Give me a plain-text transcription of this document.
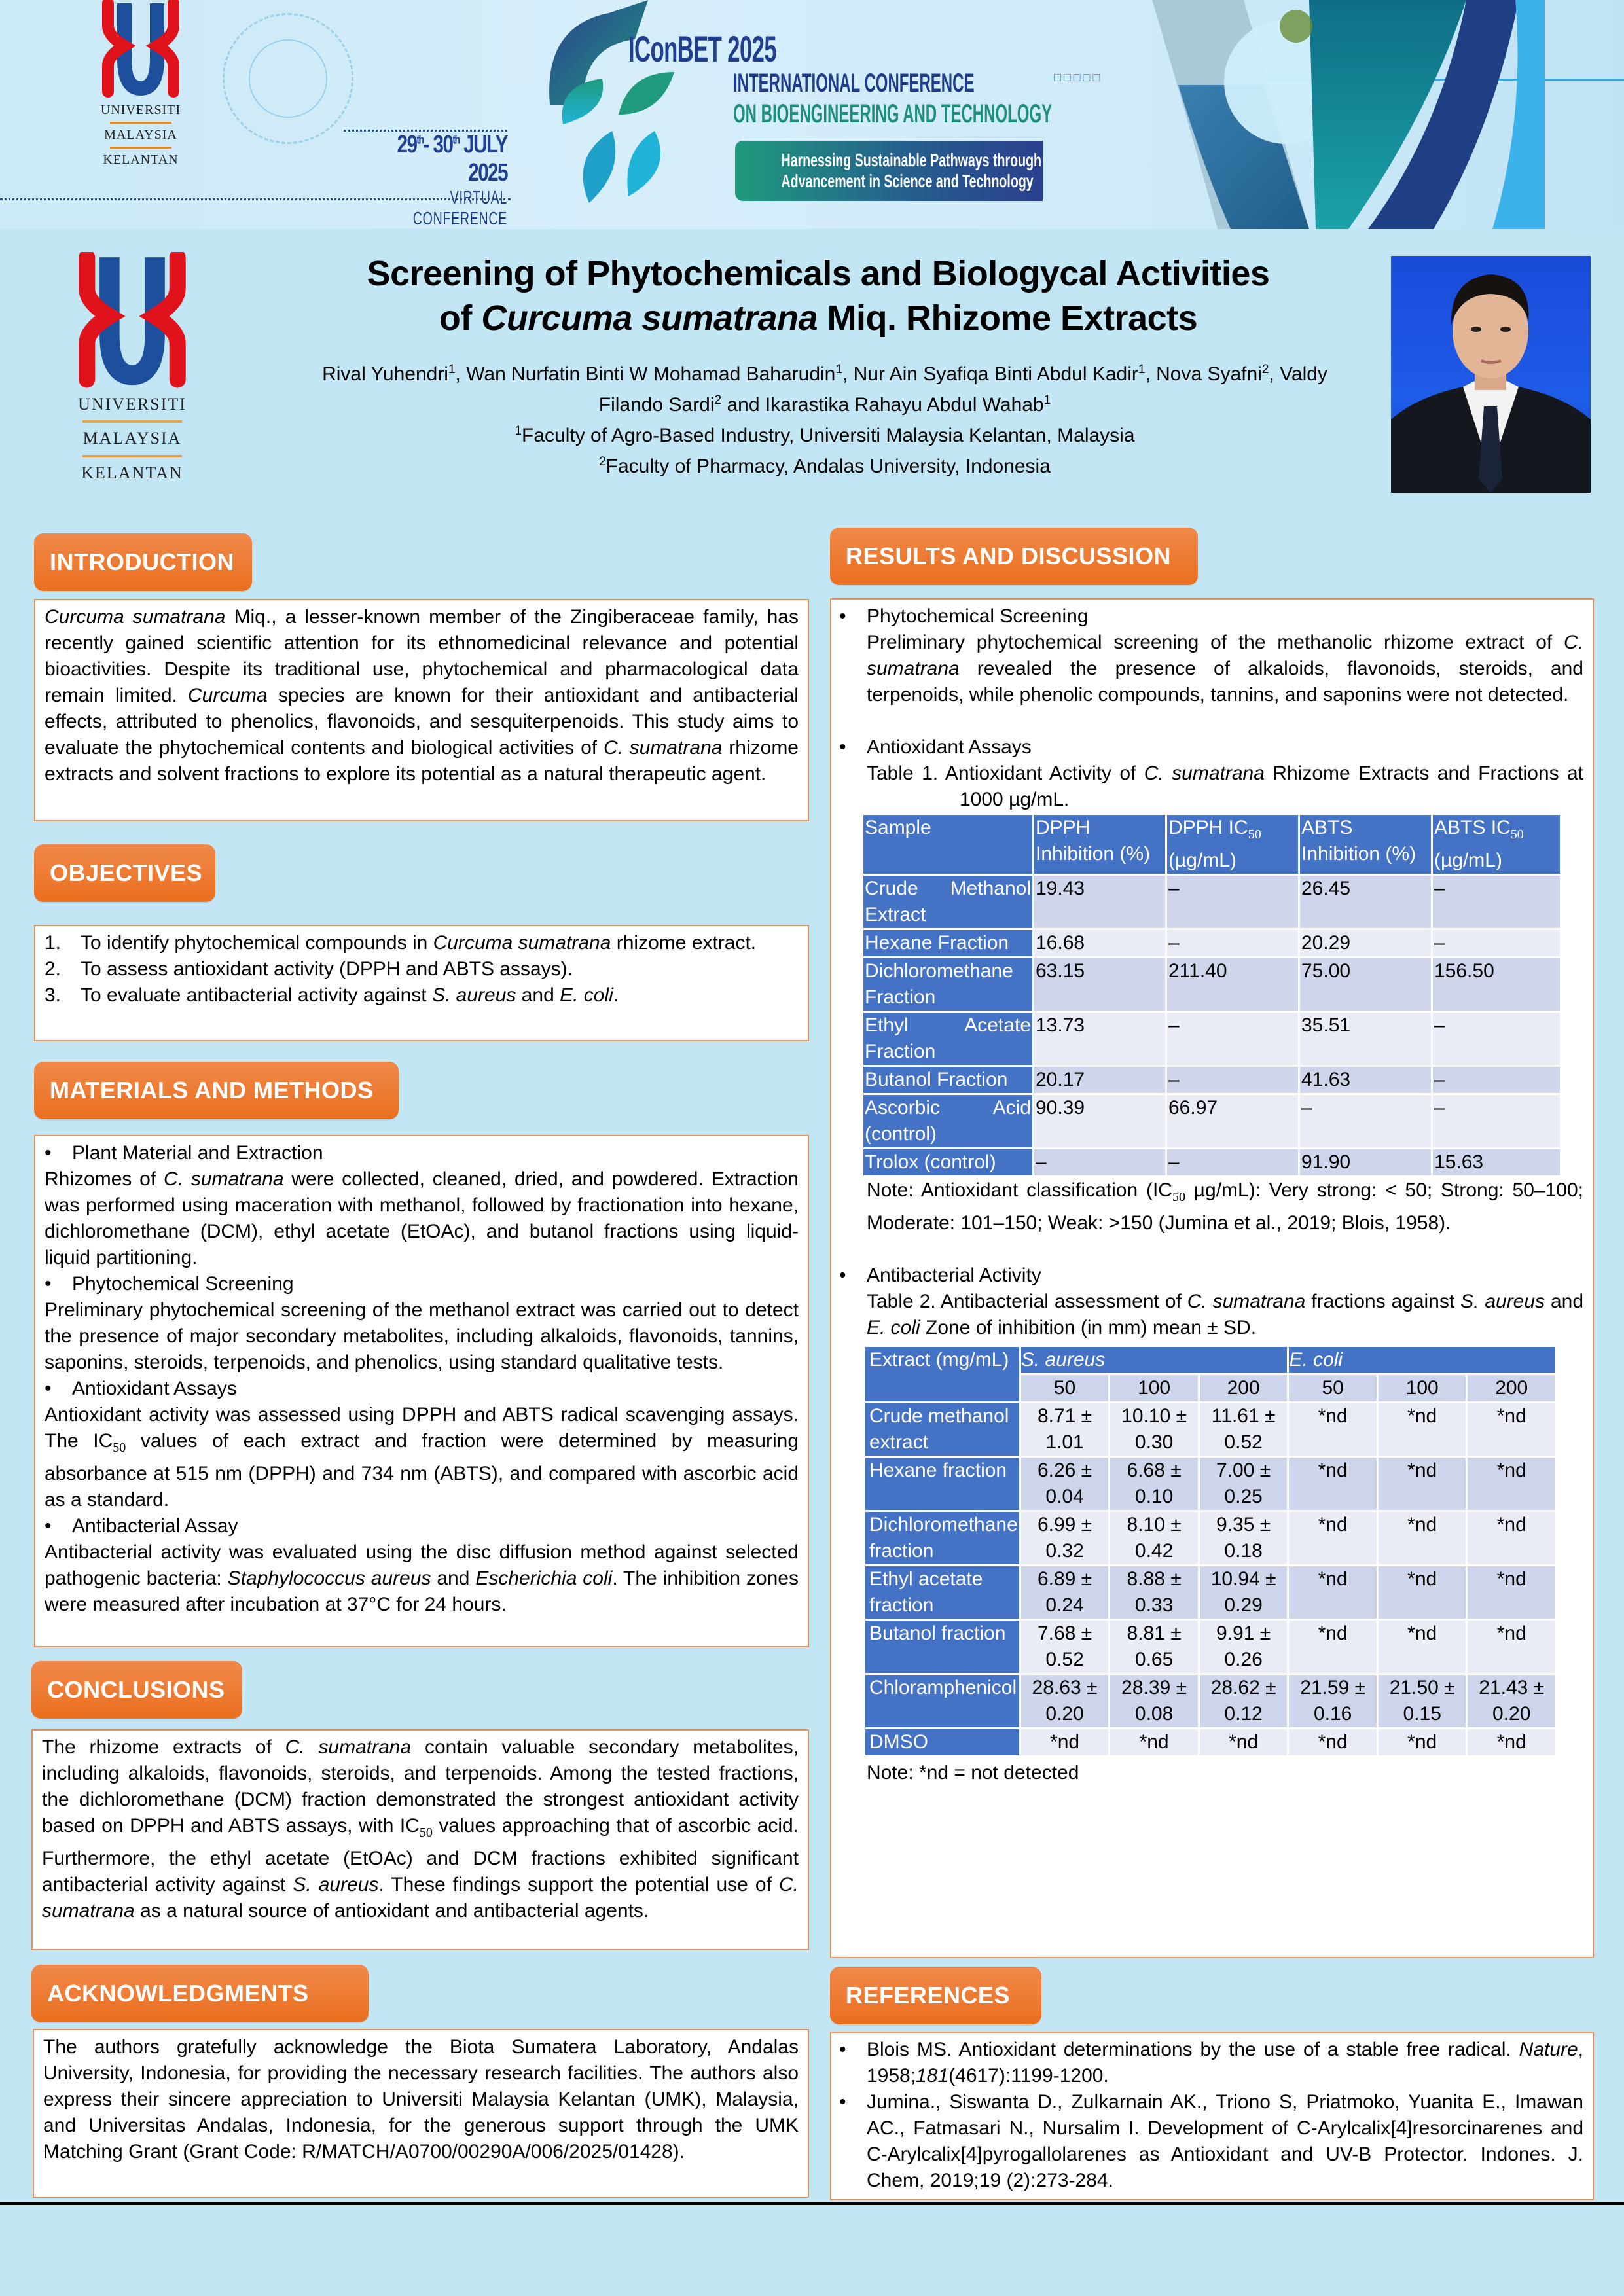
UNIVERSITI
MALAYSIA
KELANTAN
29th- 30th JULY 2025
VIRTUAL CONFERENCE
IConBET 2025
INTERNATIONAL CONFERENCE
ON BIOENGINEERING AND TECHNOLOGY
Harnessing Sustainable Pathways through
Advancement in Science and Technology
□□□□□
UNIVERSITI
MALAYSIA
KELANTAN
Screening of Phytochemicals and Biologycal Activities
of Curcuma sumatrana Miq. Rhizome Extracts
Rival Yuhendri$^1$, Wan Nurfatin Binti W Mohamad Baharudin$^1$, Nur Ain Syafiqa Binti Abdul Kadir$^1$, Nova Syafni$^2$, Valdy Filando Sardi$^2$ and Ikarastika Rahayu Abdul Wahab$^1$
$^1$Faculty of Agro-Based Industry, Universiti Malaysia Kelantan, Malaysia
$^2$Faculty of Pharmacy, Andalas University, Indonesia
INTRODUCTION

Curcuma sumatrana Miq., a lesser-known member of the Zingiberaceae family, has recently gained scientific attention for its ethnomedicinal relevance and potential bioactivities. Despite its traditional use, phytochemical and pharmacological data remain limited. Curcuma species are known for their antioxidant and antibacterial effects, attributed to phenolics, flavonoids, and sesquiterpenoids. This study aims to evaluate the phytochemical contents and biological activities of C. sumatrana rhizome extracts and solvent fractions to explore its potential as a natural therapeutic agent.

OBJECTIVES
1. To identify phytochemical compounds in Curcuma sumatrana rhizome extract.
2. To assess antioxidant activity (DPPH and ABTS assays).
3. To evaluate antibacterial activity against S. aureus and E. coli.
MATERIALS AND METHODS
•	Plant Material and Extraction

Rhizomes of C. sumatrana were collected, cleaned, dried, and powdered. Extraction was performed using maceration with methanol, followed by fractionation into hexane, dichloromethane (DCM), ethyl acetate (EtOAc), and butanol fractions using liquid-liquid partitioning.

•	Phytochemical Screening

Preliminary phytochemical screening of the methanol extract was carried out to detect the presence of major secondary metabolites, including alkaloids, flavonoids, tannins, saponins, steroids, terpenoids, and phenolics, using standard qualitative tests.

•	Antioxidant Assays

Antioxidant activity was assessed using DPPH and ABTS radical scavenging assays. The $IC_{50}$ values of each extract and fraction were determined by measuring absorbance at 515 nm (DPPH) and 734 nm (ABTS), and compared with ascorbic acid as a standard.

•	Antibacterial Assay

Antibacterial activity was evaluated using the disc diffusion method against selected pathogenic bacteria: Staphylococcus aureus and Escherichia coli. The inhibition zones were measured after incubation at 37°C for 24 hours.

CONCLUSIONS

The rhizome extracts of C. sumatrana contain valuable secondary metabolites, including alkaloids, flavonoids, steroids, and terpenoids. Among the tested fractions, the dichloromethane (DCM) fraction demonstrated the strongest antioxidant activity based on DPPH and ABTS assays, with $IC_{50}$ values approaching that of ascorbic acid. Furthermore, the ethyl acetate (EtOAc) and DCM fractions exhibited significant antibacterial activity against S. aureus. These findings support the potential use of C. sumatrana as a natural source of antioxidant and antibacterial agents.

ACKNOWLEDGMENTS

The authors gratefully acknowledge the Biota Sumatera Laboratory, Andalas University, Indonesia, for providing the necessary research facilities. The authors also express their sincere appreciation to Universiti Malaysia Kelantan (UMK), Malaysia, and Universitas Andalas, Indonesia, for the generous support through the UMK Matching Grant (Grant Code: R/MATCH/A0700/00290A/006/2025/01428).

RESULTS AND DISCUSSION
•	Phytochemical Screening

Preliminary phytochemical screening of the methanolic rhizome extract of C. sumatrana revealed the presence of alkaloids, flavonoids, steroids, and terpenoids, while phenolic compounds, tannins, and saponins were not detected.

•	Antioxidant Assays

Table 1. Antioxidant Activity of C. sumatrana Rhizome Extracts and Fractions at 1000 µg/mL.

Sample	DPPH Inhibition (%)	DPPH $IC_{50}$ (µg/mL)	ABTS Inhibition (%)	ABTS $IC_{50}$ (µg/mL)
Crude Methanol Extract	19.43	–	26.45	–
Hexane Fraction	16.68	–	20.29	–
Dichloromethane Fraction	63.15	211.40	75.00	156.50
Ethyl Acetate Fraction	13.73	–	35.51	–
Butanol Fraction	20.17	–	41.63	–
Ascorbic Acid (control)	90.39	66.97	–	–
Trolox (control)	–	–	91.90	15.63

Note: Antioxidant classification ($IC_{50}$ µg/mL): Very strong: < 50; Strong: 50–100; Moderate: 101–150; Weak: >150 (Jumina et al., 2019; Blois, 1958).

•	Antibacterial Activity

Table 2. Antibacterial assessment of C. sumatrana fractions against S. aureus and E. coli Zone of inhibition (in mm) mean ± SD.

Extract (mg/mL)	S. aureus			E. coli		
	50	100	200	50	100	200
Crude methanol extract	8.71 ± 1.01	10.10 ± 0.30	11.61 ± 0.52	*nd	*nd	*nd
Hexane fraction	6.26 ± 0.04	6.68 ± 0.10	7.00 ± 0.25	*nd	*nd	*nd
Dichloromethane fraction	6.99 ± 0.32	8.10 ± 0.42	9.35 ± 0.18	*nd	*nd	*nd
Ethyl acetate fraction	6.89 ± 0.24	8.88 ± 0.33	10.94 ± 0.29	*nd	*nd	*nd
Butanol fraction	7.68 ± 0.52	8.81 ± 0.65	9.91 ± 0.26	*nd	*nd	*nd
Chloramphenicol	28.63 ± 0.20	28.39 ± 0.08	28.62 ± 0.12	21.59 ± 0.16	21.50 ± 0.15	21.43 ± 0.20
DMSO	*nd	*nd	*nd	*nd	*nd	*nd

Note: *nd = not detected

REFERENCES
•	Blois MS. Antioxidant determinations by the use of a stable free radical. Nature, 1958;181(4617):1199-1200.
•	Jumina., Siswanta D., Zulkarnain AK., Triono S, Priatmoko, Yuanita E., Imawan AC., Fatmasari N., Nursalim I. Development of C-Arylcalix[4]resorcinarenes and C-Arylcalix[4]pyrogallolarenes as Antioxidant and UV-B Protector. Indones. J. Chem, 2019;19 (2):273-284.
